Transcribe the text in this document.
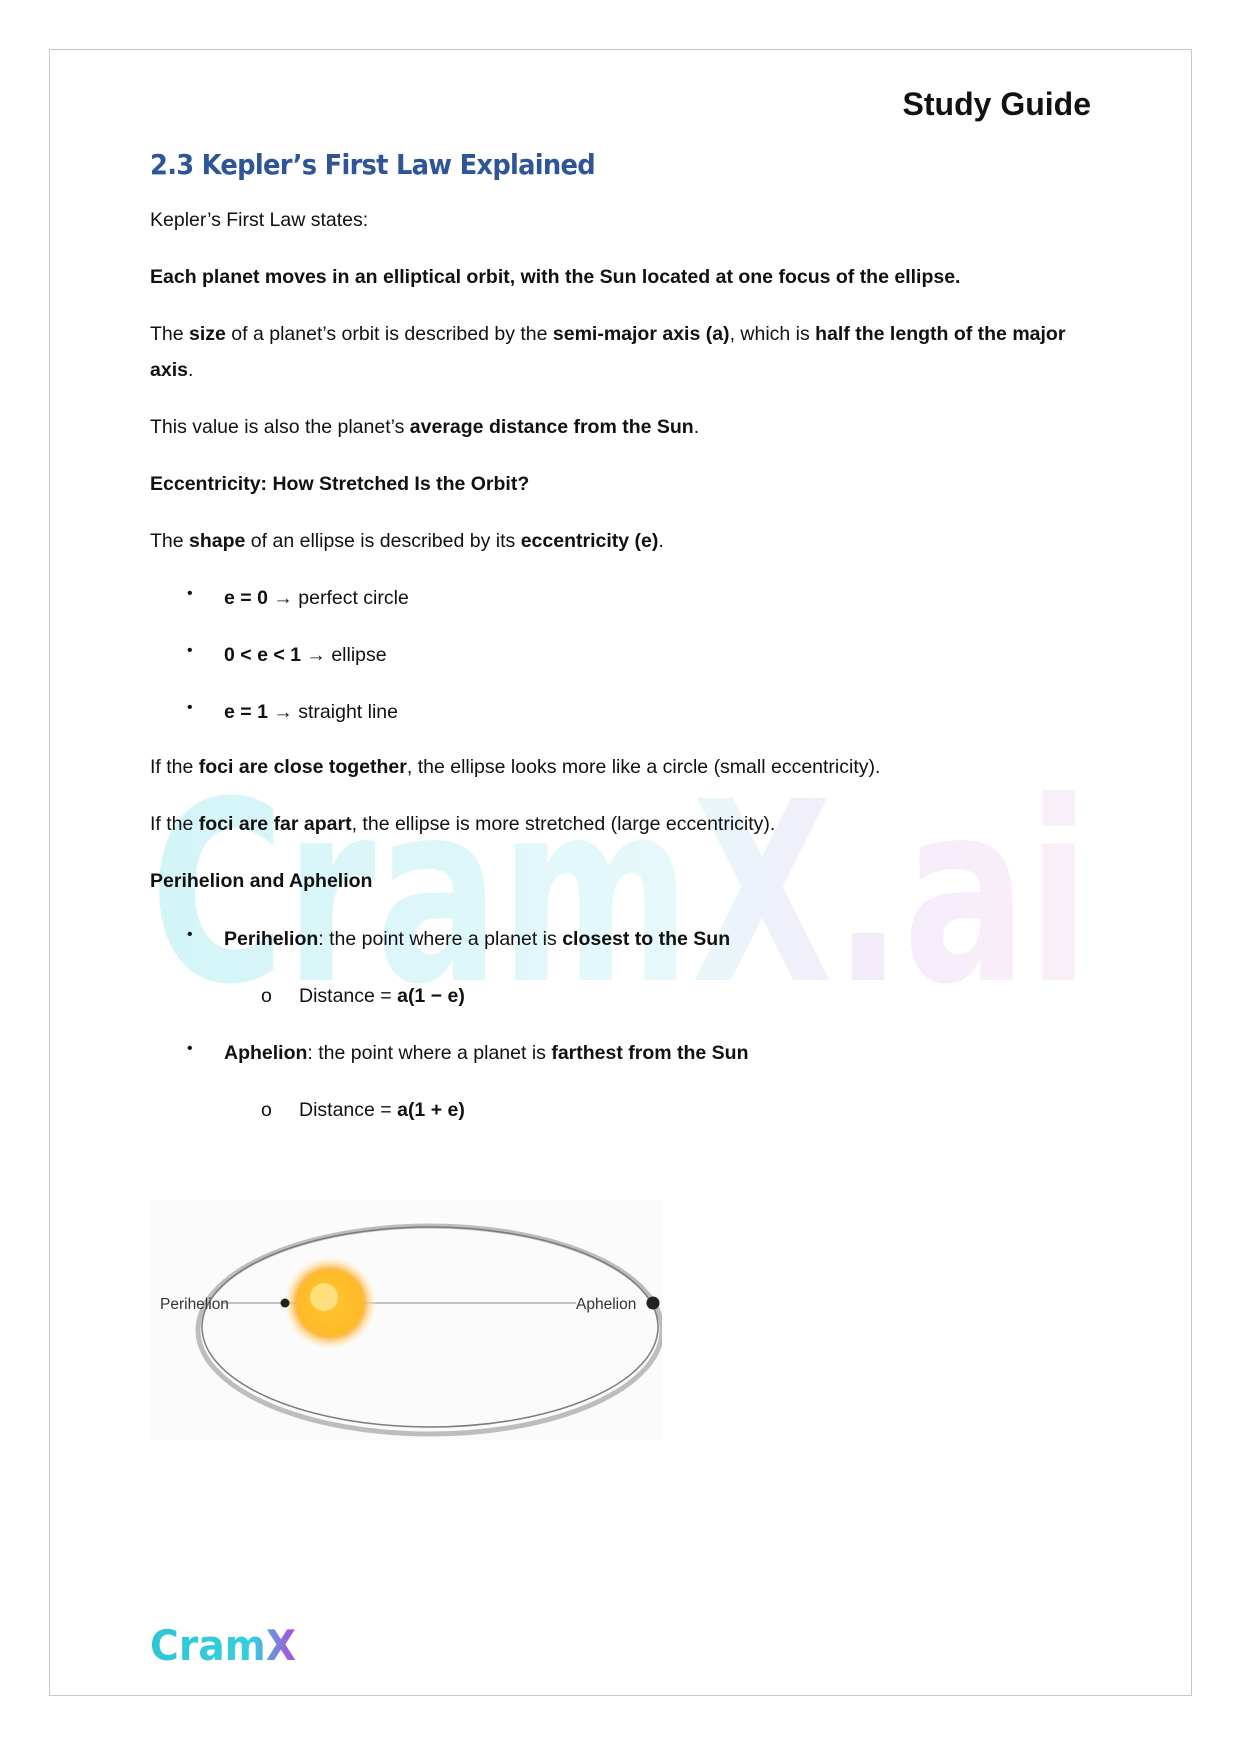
CramX.ai
Study Guide
2.3 Kepler’s First Law Explained
Kepler’s First Law states:
Each planet moves in an elliptical orbit, with the Sun located at one focus of the ellipse.
The size of a planet’s orbit is described by the semi-major axis (a), which is half the length of the major axis.
This value is also the planet’s average distance from the Sun.
Eccentricity: How Stretched Is the Orbit?
The shape of an ellipse is described by its eccentricity (e).
• e = 0 → perfect circle
• 0 < e < 1 → ellipse
• e = 1 → straight line
If the foci are close together, the ellipse looks more like a circle (small eccentricity).
If the foci are far apart, the ellipse is more stretched (large eccentricity).
Perihelion and Aphelion
• Perihelion: the point where a planet is closest to the Sun
o Distance = a(1 − e)
• Aphelion: the point where a planet is farthest from the Sun
o Distance = a(1 + e)
Perihelion	Aphelion
CramX
